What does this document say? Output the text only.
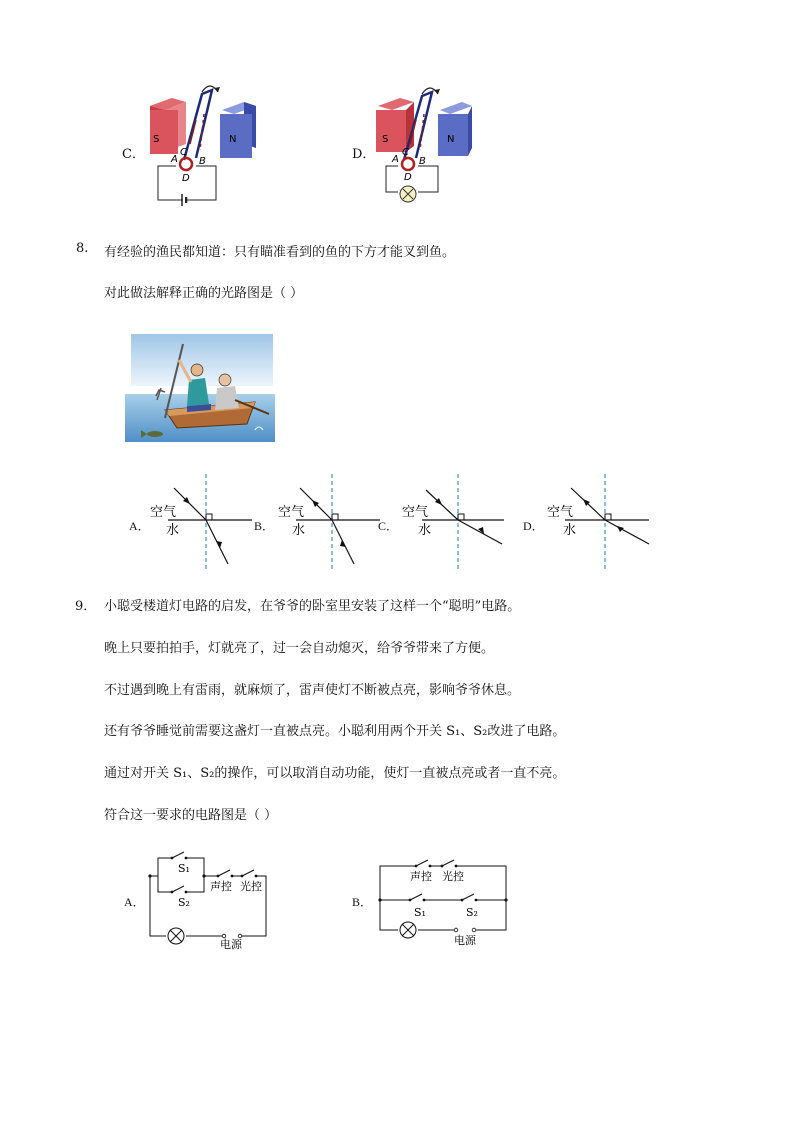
C．	A
C
B
D
S	N
D． A
C
B
D
S	N
8. 有经验的渔民都知道：只有瞄准看到的鱼的下方才能叉到鱼。
对此做法解释正确的光路图是（ ）
A．
空气
水	B．
空气
水	C．
空气
水	D．
空气
水
9． 小聪受楼道灯电路的启发，在爷爷的卧室里安装了这样一个“聪明”电路。
晚上只要拍拍手，灯就亮了，过一会自动熄灭，给爷爷带来了方便。
不过遇到晚上有雷雨，就麻烦了，雷声使灯不断被点亮，影响爷爷休息。
还有爷爷睡觉前需要这盏灯一直被点亮。小聪利用两个开关 S₁、S₂改进了电路。
通过对开关 S₁、S₂的操作，可以取消自动功能，使灯一直被点亮或者一直不亮。
符合这一要求的电路图是（ ）
A．
S₁
S₂
声控 光控
电源
B．
声控 光控
S₁	S₂
电源
